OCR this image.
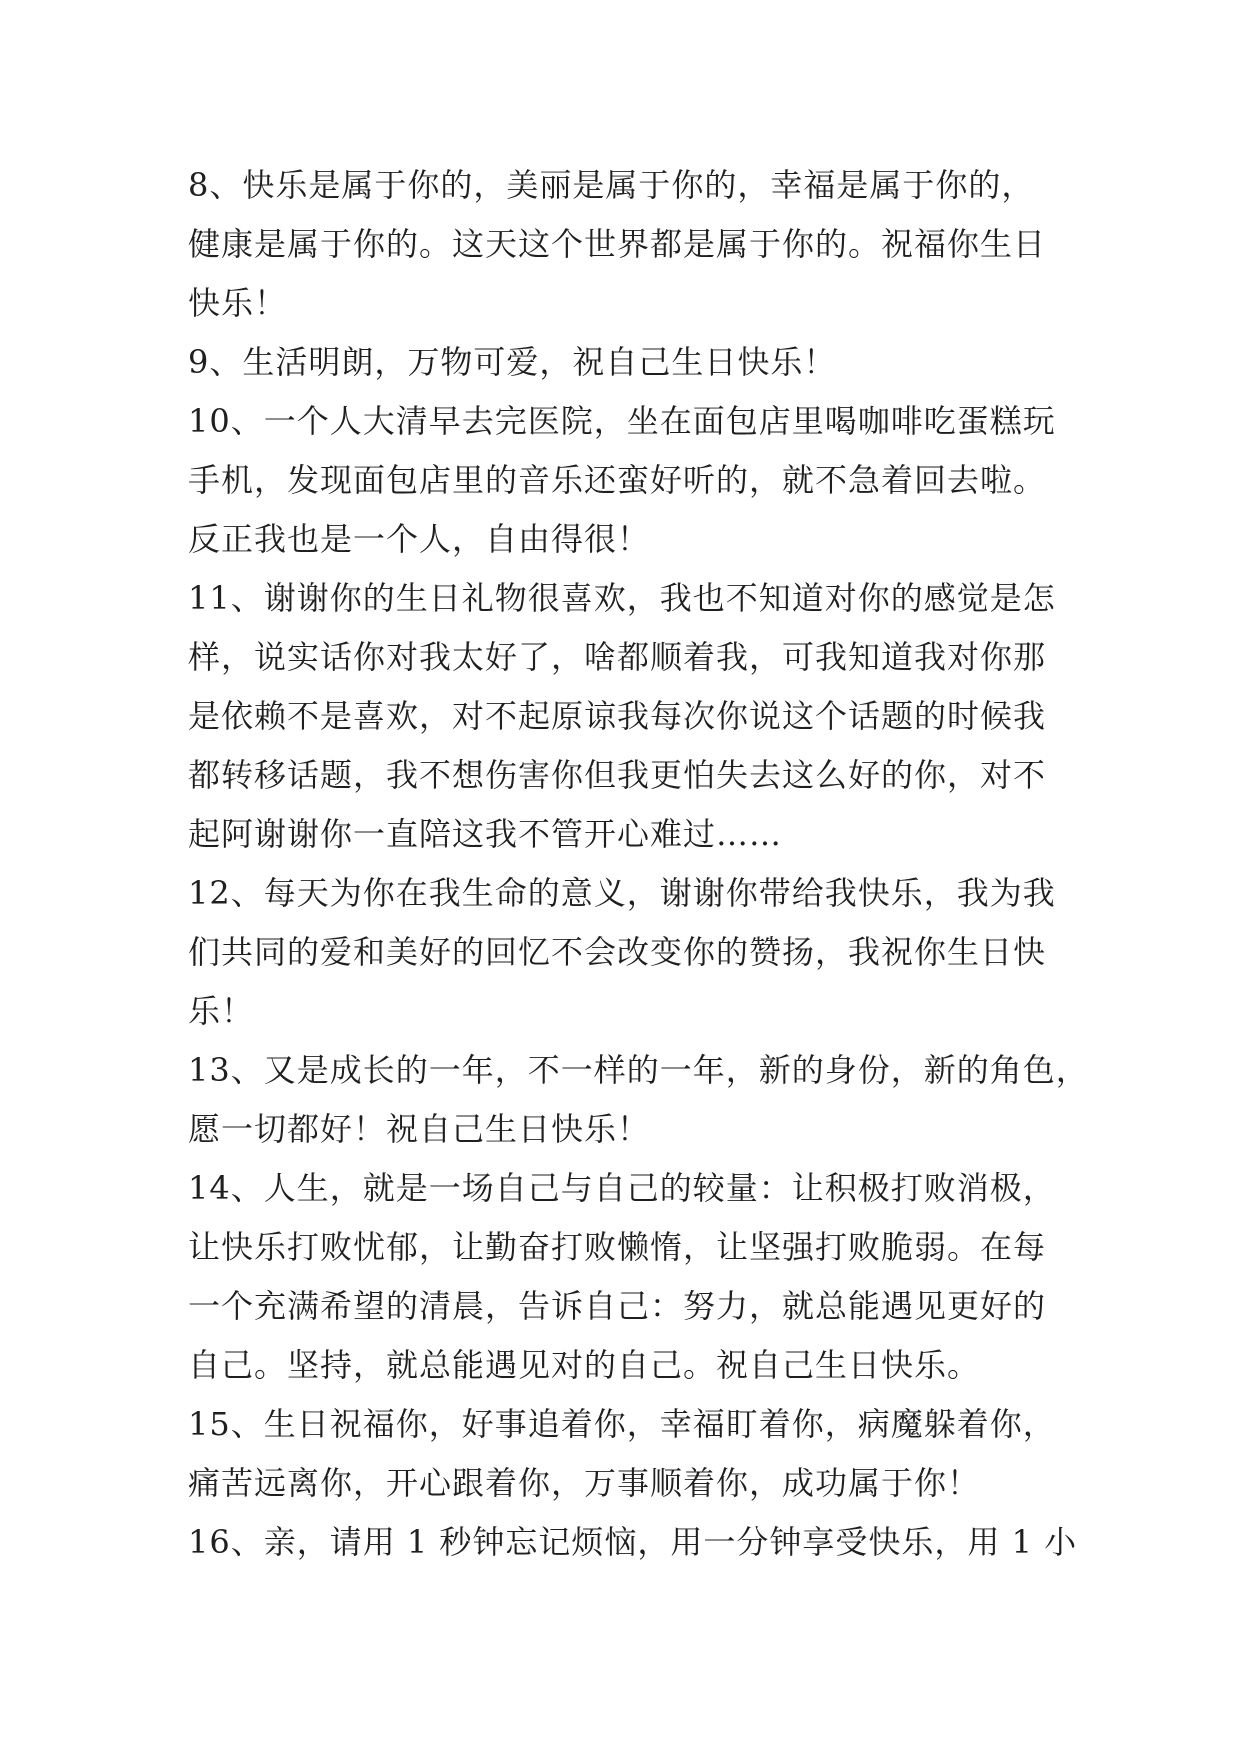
8、快乐是属于你的，美丽是属于你的，幸福是属于你的，
健康是属于你的。这天这个世界都是属于你的。祝福你生日
快乐！
9、生活明朗，万物可爱，祝自己生日快乐！
10、一个人大清早去完医院，坐在面包店里喝咖啡吃蛋糕玩
手机，发现面包店里的音乐还蛮好听的，就不急着回去啦。
反正我也是一个人，自由得很！
11、谢谢你的生日礼物很喜欢，我也不知道对你的感觉是怎
样，说实话你对我太好了，啥都顺着我，可我知道我对你那
是依赖不是喜欢，对不起原谅我每次你说这个话题的时候我
都转移话题，我不想伤害你但我更怕失去这么好的你，对不
起阿谢谢你一直陪这我不管开心难过……
12、每天为你在我生命的意义，谢谢你带给我快乐，我为我
们共同的爱和美好的回忆不会改变你的赞扬，我祝你生日快
乐！
13、又是成长的一年，不一样的一年，新的身份，新的角色，
愿一切都好！祝自己生日快乐！
14、人生，就是一场自己与自己的较量：让积极打败消极，
让快乐打败忧郁，让勤奋打败懒惰，让坚强打败脆弱。在每
一个充满希望的清晨，告诉自己：努力，就总能遇见更好的
自己。坚持，就总能遇见对的自己。祝自己生日快乐。
15、生日祝福你，好事追着你，幸福盯着你，病魔躲着你，
痛苦远离你，开心跟着你，万事顺着你，成功属于你！
16、亲，请用 1 秒钟忘记烦恼，用一分钟享受快乐，用 1 小
